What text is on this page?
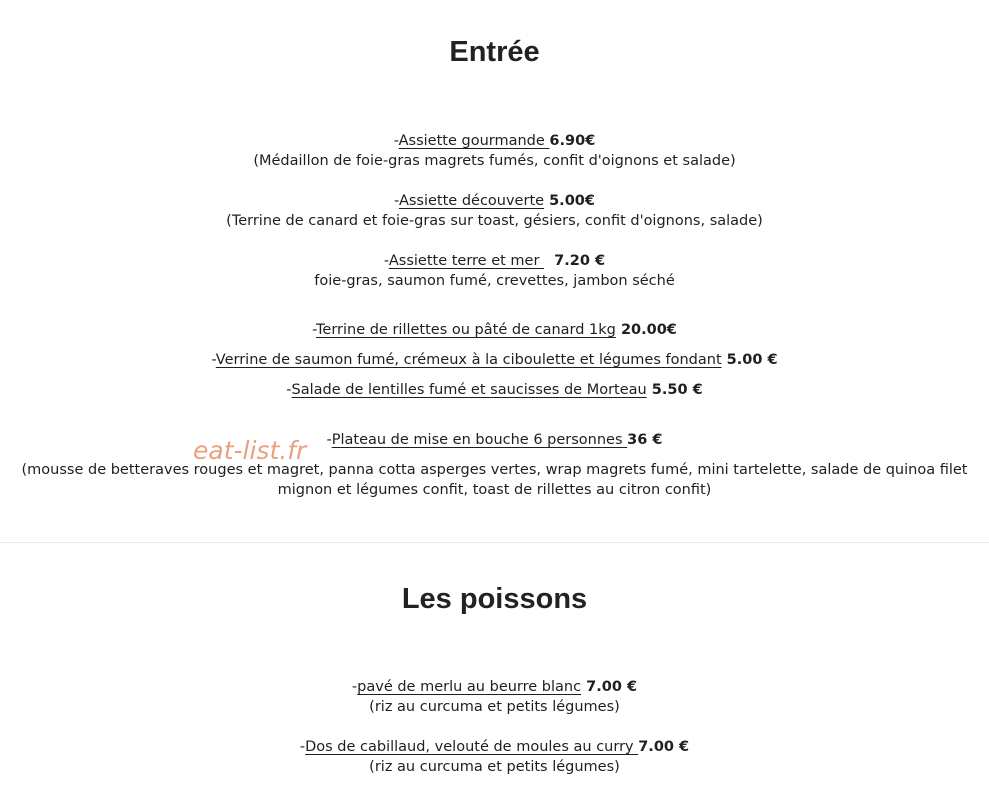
Entrée
-Assiette gourmande 6.90€
(Médaillon de foie-gras magrets fumés, confit d'oignons et salade)
-Assiette découverte 5.00€
(Terrine de canard et foie-gras sur toast, gésiers, confit d'oignons, salade)
-Assiette terre et mer   7.20 €
foie-gras, saumon fumé, crevettes, jambon séché
-Terrine de rillettes ou pâté de canard 1kg 20.00€
-Verrine de saumon fumé, crémeux à la ciboulette et légumes fondant 5.00 €
-Salade de lentilles fumé et saucisses de Morteau 5.50 €
-Plateau de mise en bouche 6 personnes 36 €
(mousse de betteraves rouges et magret, panna cotta asperges vertes, wrap magrets fumé, mini tartelette, salade de quinoa filet mignon et légumes confit, toast de rillettes au citron confit)
eat-list.fr
Les poissons
-pavé de merlu au beurre blanc 7.00 €
(riz au curcuma et petits légumes)
-Dos de cabillaud, velouté de moules au curry 7.00 €
(riz au curcuma et petits légumes)
